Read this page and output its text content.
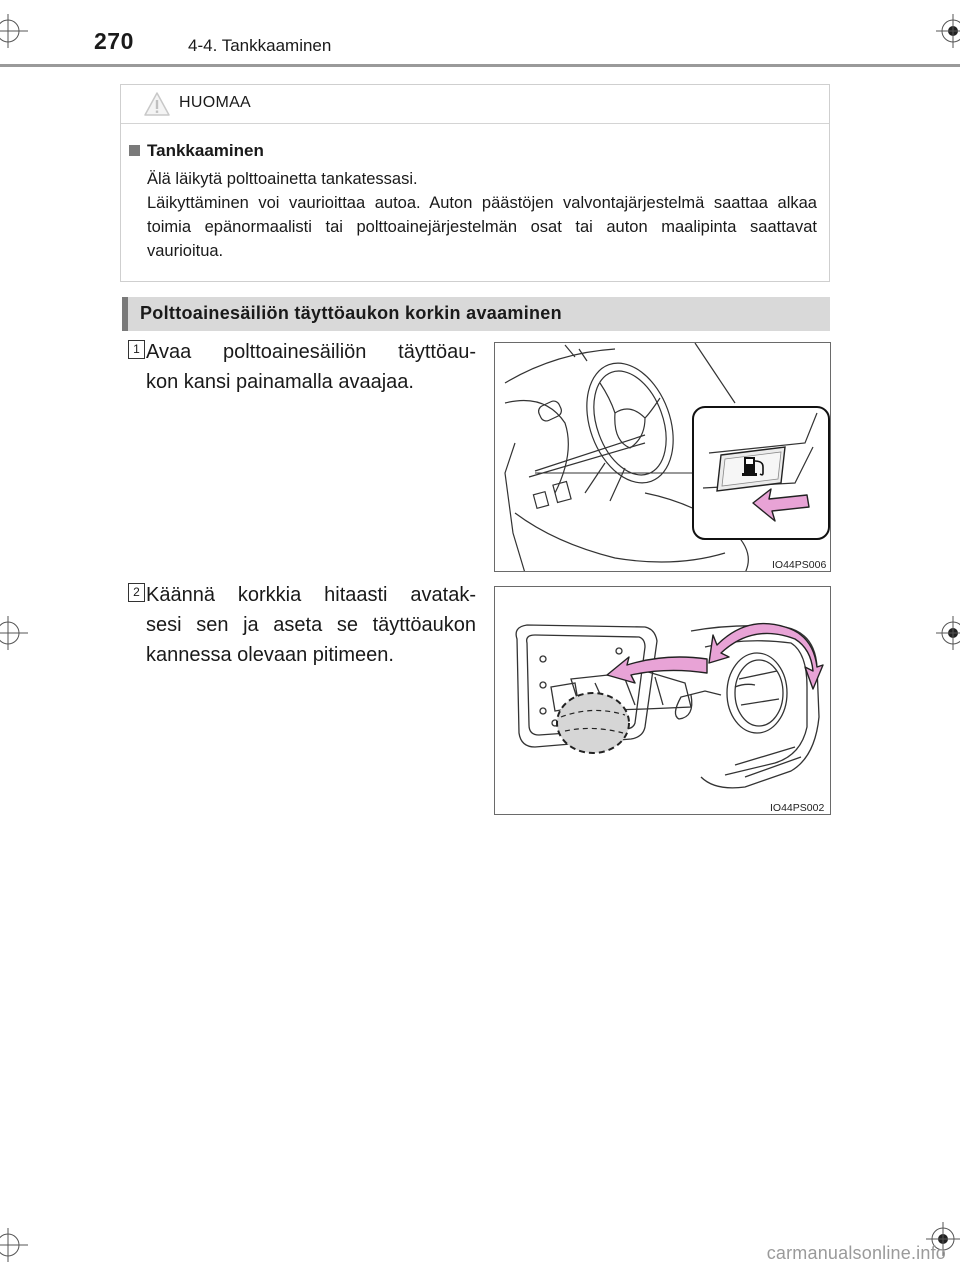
270	4-4. Tankkaaminen
HUOMAA
Tankkaaminen

Älä läikytä polttoainetta tankatessasi.

Läikyttäminen voi vaurioittaa autoa. Auton päästöjen valvontajärjestelmä saattaa alkaa toimia epänormaalisti tai polttoainejärjestelmän osat tai auton maalipinta saattavat vaurioitua.

Polttoainesäiliön täyttöaukon korkin avaaminen
1 Avaa polttoainesäiliön täyttöau-
kon kansi painamalla avaajaa.
IO44PS006
2 Käännä korkkia hitaasti avatak-
sesi sen ja aseta se täyttöaukon
kannessa olevaan pitimeen.
IO44PS002
carmanualsonline.info
